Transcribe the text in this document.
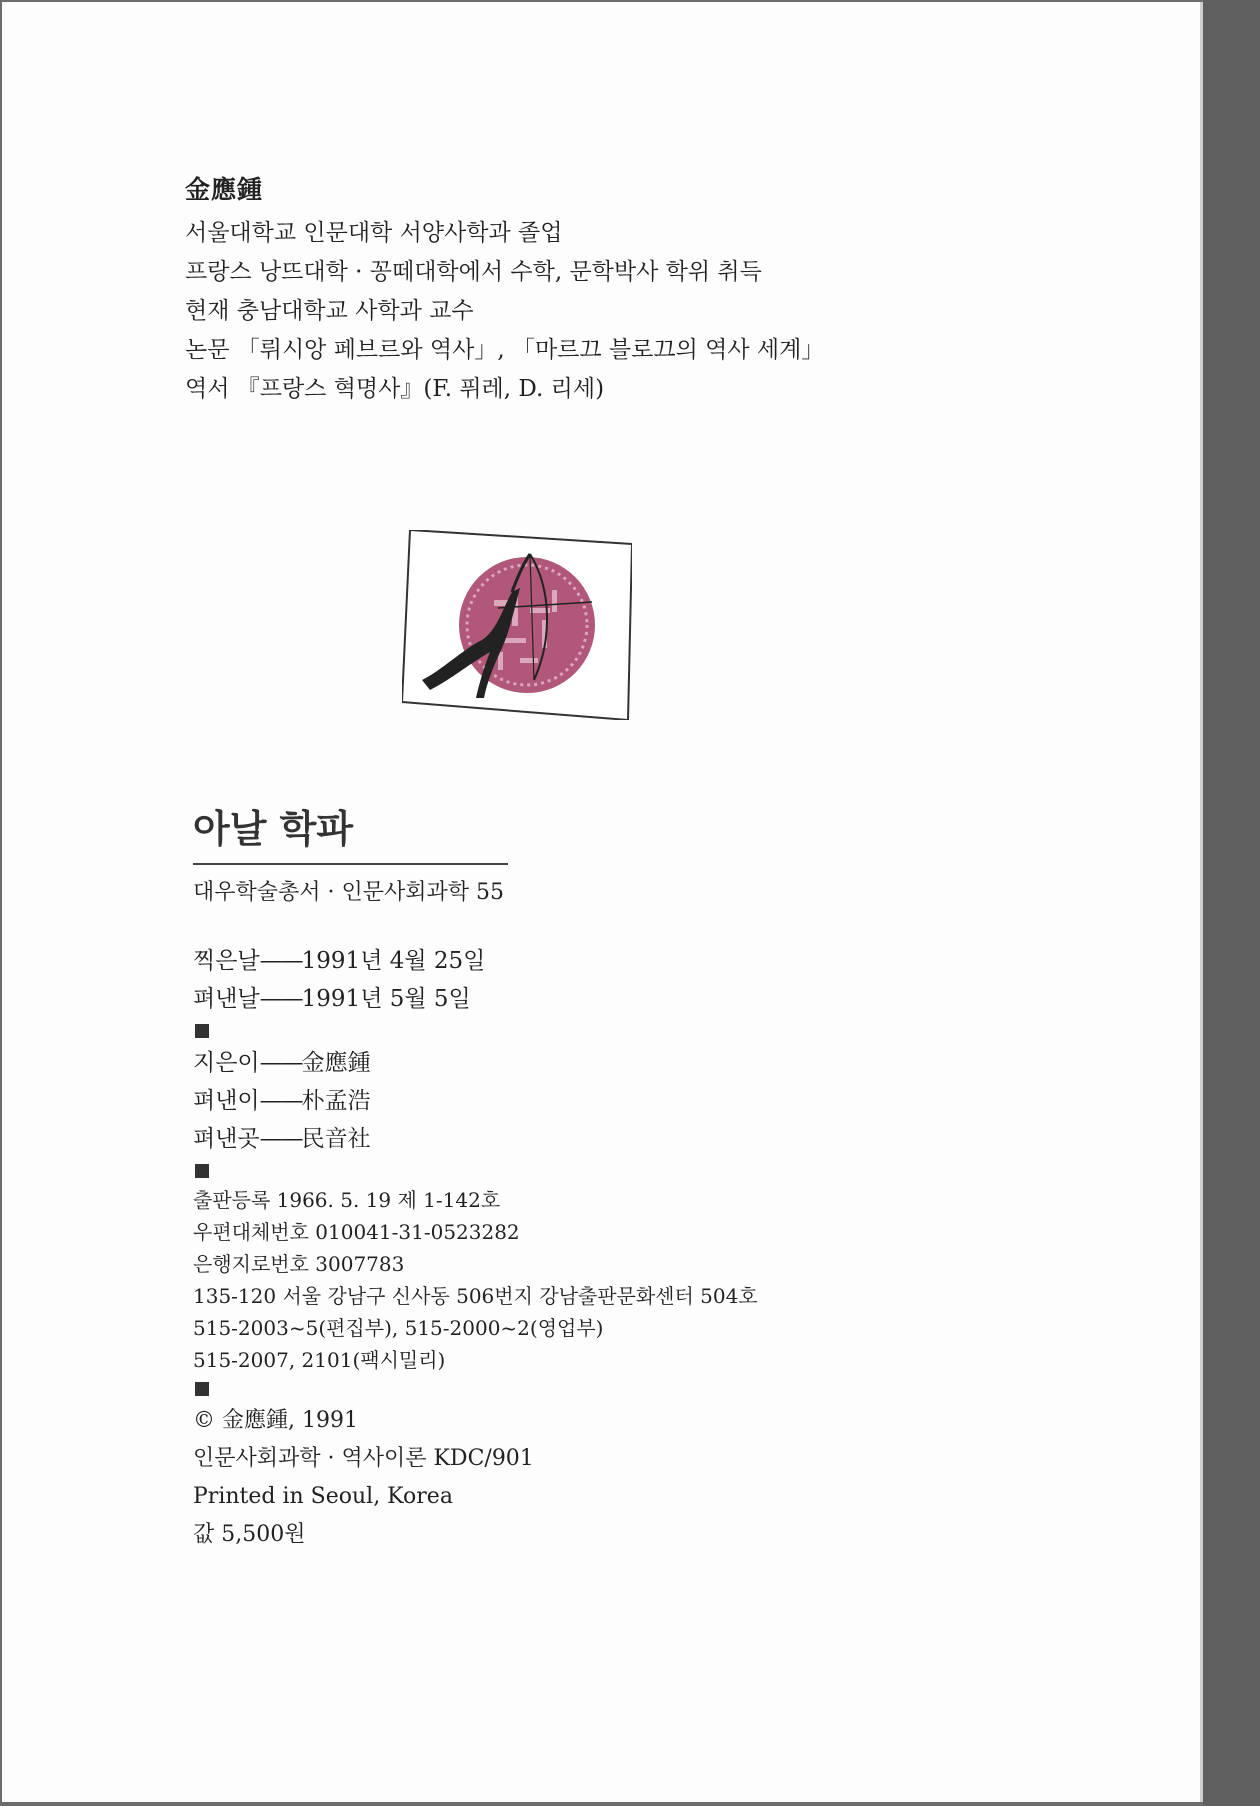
金應鍾
서울대학교 인문대학 서양사학과 졸업
프랑스 낭뜨대학 · 꽁떼대학에서 수학, 문학박사 학위 취득
현재 충남대학교 사학과 교수
논문 「뤼시앙 페브르와 역사」, 「마르끄 블로끄의 역사 세계」
역서 『프랑스 혁명사』(F. 퓌레, D. 리세)
아날 학파
대우학술총서 · 인문사회과학 55
찍은날——1991년 4월 25일
펴낸날——1991년 5월 5일
지은이——金應鍾
펴낸이——朴孟浩
펴낸곳——民音社
출판등록 1966. 5. 19 제 1-142호
우편대체번호 010041-31-0523282
은행지로번호 3007783
135-120 서울 강남구 신사동 506번지 강남출판문화센터 504호
515-2003~5(편집부), 515-2000~2(영업부)
515-2007, 2101(팩시밀리)
© 金應鍾, 1991
인문사회과학 · 역사이론 KDC/901
Printed in Seoul, Korea
값 5,500원
